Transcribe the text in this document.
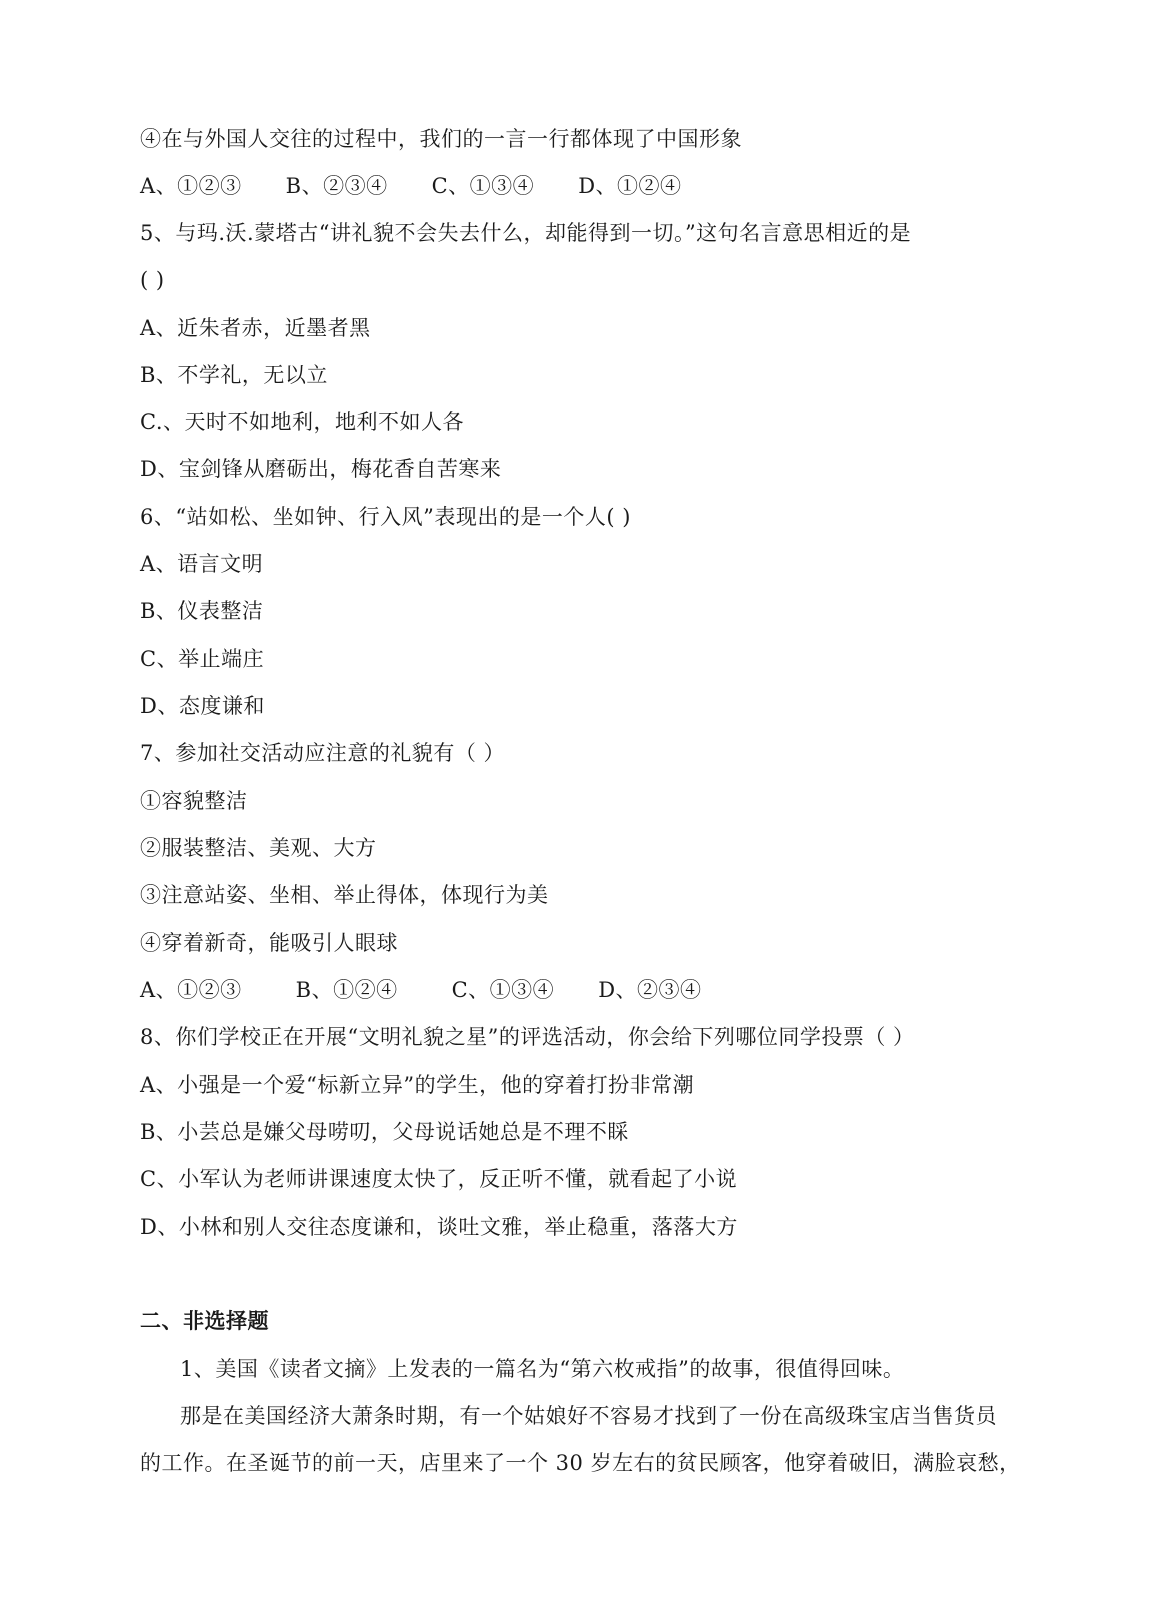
④在与外国人交往的过程中，我们的一言一行都体现了中国形象
A、①②③ B、②③④ C、①③④ D、①②④
5、与玛.沃.蒙塔古“讲礼貌不会失去什么，却能得到一切。”这句名言意思相近的是
( )
A、近朱者赤，近墨者黑
B、不学礼，无以立
C.、天时不如地利，地利不如人各
D、宝剑锋从磨砺出，梅花香自苦寒来
6、“站如松、坐如钟、行入风”表现出的是一个人( )
A、语言文明
B、仪表整洁
C、举止端庄
D、态度谦和
7、参加社交活动应注意的礼貌有（ ）
①容貌整洁
②服装整洁、美观、大方
③注意站姿、坐相、举止得体，体现行为美
④穿着新奇，能吸引人眼球
A、①②③	B、①②④	C、①③④ D、②③④
8、你们学校正在开展“文明礼貌之星”的评选活动，你会给下列哪位同学投票（ ）
A、小强是一个爱“标新立异”的学生，他的穿着打扮非常潮
B、小芸总是嫌父母唠叨，父母说话她总是不理不睬
C、小军认为老师讲课速度太快了，反正听不懂，就看起了小说
D、小林和别人交往态度谦和，谈吐文雅，举止稳重，落落大方
二、非选择题
1、美国《读者文摘》上发表的一篇名为“第六枚戒指”的故事，很值得回味。
那是在美国经济大萧条时期，有一个姑娘好不容易才找到了一份在高级珠宝店当售货员
的工作。在圣诞节的前一天，店里来了一个 30 岁左右的贫民顾客，他穿着破旧，满脸哀愁，
